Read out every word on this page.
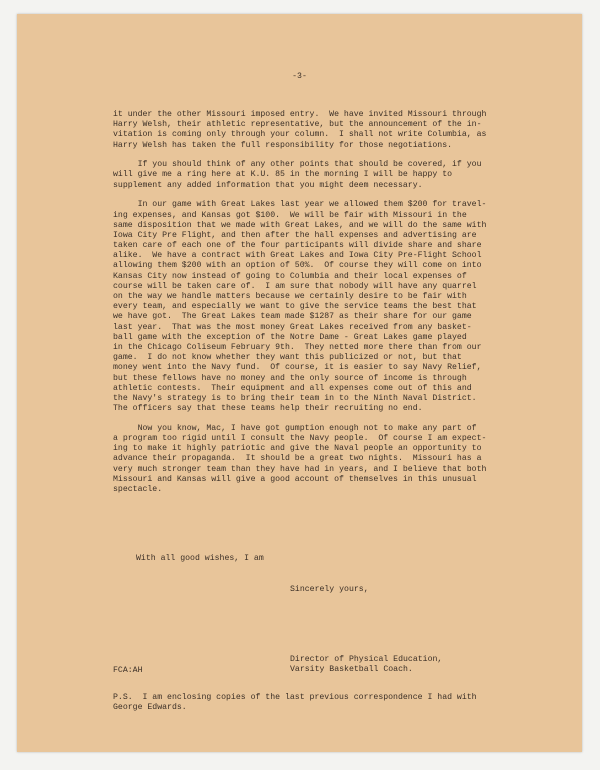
-3-
it under the other Missouri imposed entry.  We have invited Missouri through
Harry Welsh, their athletic representative, but the announcement of the in-
vitation is coming only through your column.  I shall not write Columbia, as
Harry Welsh has taken the full responsibility for those negotiations.
If you should think of any other points that should be covered, if you
will give me a ring here at K.U. 85 in the morning I will be happy to
supplement any added information that you might deem necessary.
In our game with Great Lakes last year we allowed them $200 for travel-
ing expenses, and Kansas got $100.  We will be fair with Missouri in the
same disposition that we made with Great Lakes, and we will do the same with
Iowa City Pre Flight, and then after the hall expenses and advertising are
taken care of each one of the four participants will divide share and share
alike.  We have a contract with Great Lakes and Iowa City Pre-Flight School
allowing them $200 with an option of 50%.  Of course they will come on into
Kansas City now instead of going to Columbia and their local expenses of
course will be taken care of.  I am sure that nobody will have any quarrel
on the way we handle matters because we certainly desire to be fair with
every team, and especially we want to give the service teams the best that
we have got.  The Great Lakes team made $1287 as their share for our game
last year.  That was the most money Great Lakes received from any basket-
ball game with the exception of the Notre Dame - Great Lakes game played
in the Chicago Coliseum February 9th.  They netted more there than from our
game.  I do not know whether they want this publicized or not, but that
money went into the Navy fund.  Of course, it is easier to say Navy Relief,
but these fellows have no money and the only source of income is through
athletic contests.  Their equipment and all expenses come out of this and
the Navy's strategy is to bring their team in to the Ninth Naval District.
The officers say that these teams help their recruiting no end.
Now you know, Mac, I have got gumption enough not to make any part of
a program too rigid until I consult the Navy people.  Of course I am expect-
ing to make it highly patriotic and give the Naval people an opportunity to
advance their propaganda.  It should be a great two nights.  Missouri has a
very much stronger team than they have had in years, and I believe that both
Missouri and Kansas will give a good account of themselves in this unusual
spectacle.
With all good wishes, I am
Sincerely yours,
Director of Physical Education,
Varsity Basketball Coach.
FCA:AH
P.S.  I am enclosing copies of the last previous correspondence I had with
George Edwards.
